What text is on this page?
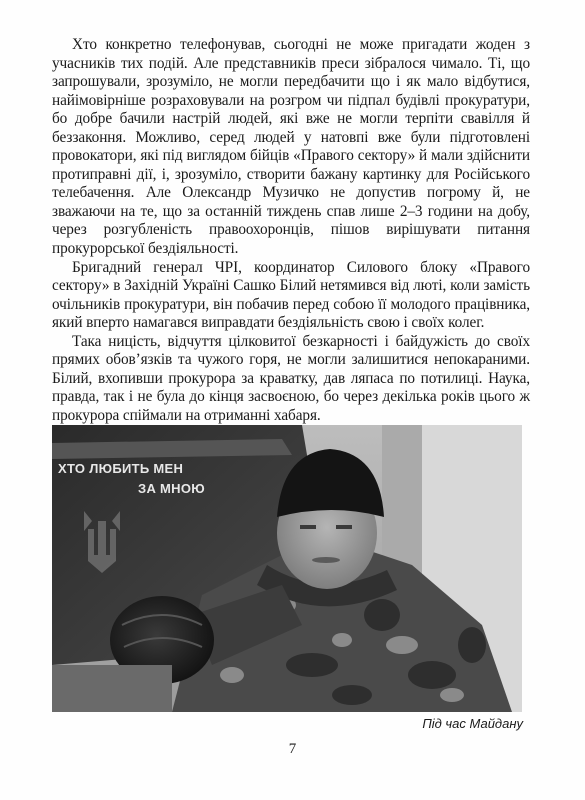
Хто конкретно телефонував, сьогодні не може пригадати жоден з учасників тих подій. Але представників преси зібралося чимало. Ті, що запрошували, зрозуміло, не могли передбачити що і як мало відбутися, найімовірніше розраховували на розгром чи підпал будівлі прокуратури, бо добре бачили настрій людей, які вже не могли терпіти свавілля й беззаконня. Можливо, серед людей у натовпі вже були підготовлені провокатори, які під виглядом бійців «Правого сектору» й мали здійснити протиправні дії, і, зрозуміло, створити бажану картинку для Російського телебачення. Але Олександр Музичко не допустив погрому й, не зважаючи на те, що за останній тиждень спав лише 2–3 години на добу, через розгубленість правоохоронців, пішов вирішувати питання прокурорської бездіяльності.

Бригадний генерал ЧРІ, координатор Силового блоку «Правого сектору» в Західній Україні Сашко Білий нетямився від люті, коли замість очільників прокуратури, він побачив перед собою її молодого працівника, який вперто намагався виправдати бездіяльність свою і своїх колег.

Така ницість, відчуття цілковитої безкарності і байдужість до своїх прямих обов’язків та чужого горя, не могли залишитися непокараними. Білий, вхопивши прокурора за краватку, дав ляпаса по потилиці. Наука, правда, так і не була до кінця засвоєною, бо через декілька років цього ж прокурора спіймали на отриманні хабаря.

ХТО ЛЮБИТЬ МЕН
ЗА МНОЮ
Під час Майдану
7
